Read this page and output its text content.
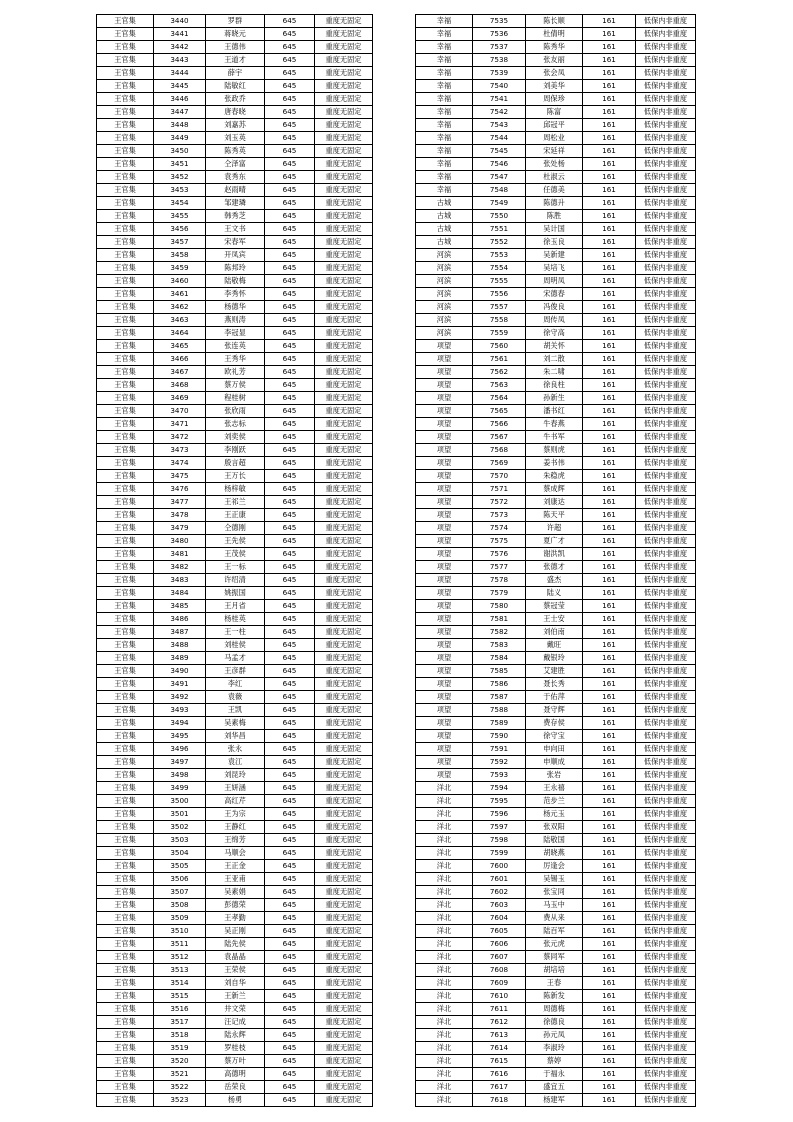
王官集	3440	罗群	645	重度无固定
王官集	3441	蒋晓元	645	重度无固定
王官集	3442	王德伟	645	重度无固定
王官集	3443	王道才	645	重度无固定
王官集	3444	薛宇	645	重度无固定
王官集	3445	陆敏红	645	重度无固定
王官集	3446	张政乔	645	重度无固定
王官集	3447	唐春晓	645	重度无固定
王官集	3448	刘嘉苏	645	重度无固定
王官集	3449	刘玉英	645	重度无固定
王官集	3450	陈秀英	645	重度无固定
王官集	3451	仝泽富	645	重度无固定
王官集	3452	袁秀东	645	重度无固定
王官集	3453	赵雨晴	645	重度无固定
王官集	3454	邹建璘	645	重度无固定
王官集	3455	韩秀芝	645	重度无固定
王官集	3456	王文书	645	重度无固定
王官集	3457	宋春军	645	重度无固定
王官集	3458	开凤宾	645	重度无固定
王官集	3459	陈邦玲	645	重度无固定
王官集	3460	陆敬梅	645	重度无固定
王官集	3461	李秀怀	645	重度无固定
王官集	3462	杨德华	645	重度无固定
王官集	3463	燕则涛	645	重度无固定
王官集	3464	李冠显	645	重度无固定
王官集	3465	张连英	645	重度无固定
王官集	3466	王秀华	645	重度无固定
王官集	3467	欧礼芳	645	重度无固定
王官集	3468	蔡万侯	645	重度无固定
王官集	3469	程桂树	645	重度无固定
王官集	3470	张欣雨	645	重度无固定
王官集	3471	张志标	645	重度无固定
王官集	3472	刘奕侯	645	重度无固定
王官集	3473	李刚跃	645	重度无固定
王官集	3474	殷言超	645	重度无固定
王官集	3475	王万长	645	重度无固定
王官集	3476	杨梓敏	645	重度无固定
王官集	3477	王祁兰	645	重度无固定
王官集	3478	王正康	645	重度无固定
王官集	3479	仝德刚	645	重度无固定
王官集	3480	王先侯	645	重度无固定
王官集	3481	王茂侯	645	重度无固定
王官集	3482	王一标	645	重度无固定
王官集	3483	许绍清	645	重度无固定
王官集	3484	姚振国	645	重度无固定
王官集	3485	王月省	645	重度无固定
王官集	3486	杨桂英	645	重度无固定
王官集	3487	王一柱	645	重度无固定
王官集	3488	刘桂侯	645	重度无固定
王官集	3489	马孟才	645	重度无固定
王官集	3490	王彦群	645	重度无固定
王官集	3491	李红	645	重度无固定
王官集	3492	袁薇	645	重度无固定
王官集	3493	王凯	645	重度无固定
王官集	3494	吴素梅	645	重度无固定
王官集	3495	刘华昌	645	重度无固定
王官集	3496	张永	645	重度无固定
王官集	3497	袁江	645	重度无固定
王官集	3498	刘昆玲	645	重度无固定
王官集	3499	王妍涵	645	重度无固定
王官集	3500	高红芹	645	重度无固定
王官集	3501	王为宗	645	重度无固定
王官集	3502	王静红	645	重度无固定
王官集	3503	王绵芳	645	重度无固定
王官集	3504	马顺会	645	重度无固定
王官集	3505	王正金	645	重度无固定
王官集	3506	王亚甫	645	重度无固定
王官集	3507	吴素娟	645	重度无固定
王官集	3508	彭德荣	645	重度无固定
王官集	3509	王孝勤	645	重度无固定
王官集	3510	吴正刚	645	重度无固定
王官集	3511	陆先侯	645	重度无固定
王官集	3512	袁晶晶	645	重度无固定
王官集	3513	王荣侯	645	重度无固定
王官集	3514	刘自华	645	重度无固定
王官集	3515	王新兰	645	重度无固定
王官集	3516	井文荣	645	重度无固定
王官集	3517	汪记成	645	重度无固定
王官集	3518	陆永辉	645	重度无固定
王官集	3519	罗桂枝	645	重度无固定
王官集	3520	蔡万叶	645	重度无固定
王官集	3521	高德明	645	重度无固定
王官集	3522	岳荣良	645	重度无固定
王官集	3523	杨勇	645	重度无固定
幸福	7535	陈长顺	161	低保内非重度
幸福	7536	杜倩明	161	低保内非重度
幸福	7537	陈秀华	161	低保内非重度
幸福	7538	张友丽	161	低保内非重度
幸福	7539	张会凤	161	低保内非重度
幸福	7540	刘美华	161	低保内非重度
幸福	7541	周保珍	161	低保内非重度
幸福	7542	陈富	161	低保内非重度
幸福	7543	邱冠平	161	低保内非重度
幸福	7544	周松业	161	低保内非重度
幸福	7545	宋延祥	161	低保内非重度
幸福	7546	张处杨	161	低保内非重度
幸福	7547	杜淑云	161	低保内非重度
幸福	7548	任德美	161	低保内非重度
古城	7549	陈德升	161	低保内非重度
古城	7550	陈胜	161	低保内非重度
古城	7551	吴计国	161	低保内非重度
古城	7552	徐玉良	161	低保内非重度
河滨	7553	吴新建	161	低保内非重度
河滨	7554	吴培飞	161	低保内非重度
河滨	7555	周明凤	161	低保内非重度
河滨	7556	宋德春	161	低保内非重度
河滨	7557	冯俊良	161	低保内非重度
河滨	7558	周传凤	161	低保内非重度
河滨	7559	徐守高	161	低保内非重度
项望	7560	胡关怀	161	低保内非重度
项望	7561	刘二散	161	低保内非重度
项望	7562	朱二啸	161	低保内非重度
项望	7563	徐良柱	161	低保内非重度
项望	7564	孙新生	161	低保内非重度
项望	7565	潘书红	161	低保内非重度
项望	7566	牛春燕	161	低保内非重度
项望	7567	牛书军	161	低保内非重度
项望	7568	蔡则虎	161	低保内非重度
项望	7569	姜书伟	161	低保内非重度
项望	7570	朱稳虎	161	低保内非重度
项望	7571	蔡成辉	161	低保内非重度
项望	7572	刘康达	161	低保内非重度
项望	7573	陈天平	161	低保内非重度
项望	7574	许超	161	低保内非重度
项望	7575	夏广才	161	低保内非重度
项望	7576	谢洪凯	161	低保内非重度
项望	7577	张德才	161	低保内非重度
项望	7578	盛杰	161	低保内非重度
项望	7579	陆义	161	低保内非重度
项望	7580	蔡冠莹	161	低保内非重度
项望	7581	王士安	161	低保内非重度
项望	7582	刘伯南	161	低保内非重度
项望	7583	戴旺	161	低保内非重度
项望	7584	戴银玲	161	低保内非重度
项望	7585	艾建胜	161	低保内非重度
项望	7586	聂长秀	161	低保内非重度
项望	7587	于佑萍	161	低保内非重度
项望	7588	聂守辉	161	低保内非重度
项望	7589	费存侯	161	低保内非重度
项望	7590	徐守宝	161	低保内非重度
项望	7591	申向田	161	低保内非重度
项望	7592	申顺成	161	低保内非重度
项望	7593	张岩	161	低保内非重度
洋北	7594	王永禧	161	低保内非重度
洋北	7595	范步兰	161	低保内非重度
洋北	7596	杨元玉	161	低保内非重度
洋北	7597	张双阳	161	低保内非重度
洋北	7598	陆敬国	161	低保内非重度
洋北	7599	胡晓燕	161	低保内非重度
洋北	7600	厉逢会	161	低保内非重度
洋北	7601	吴锡玉	161	低保内非重度
洋北	7602	张宝同	161	低保内非重度
洋北	7603	马玉中	161	低保内非重度
洋北	7604	费从来	161	低保内非重度
洋北	7605	陆百军	161	低保内非重度
洋北	7606	张元虎	161	低保内非重度
洋北	7607	蔡同军	161	低保内非重度
洋北	7608	胡培培	161	低保内非重度
洋北	7609	王春	161	低保内非重度
洋北	7610	陈新发	161	低保内非重度
洋北	7611	周德梅	161	低保内非重度
洋北	7612	徐德良	161	低保内非重度
洋北	7613	孙元凤	161	低保内非重度
洋北	7614	李淑玲	161	低保内非重度
洋北	7615	蔡婷	161	低保内非重度
洋北	7616	于福永	161	低保内非重度
洋北	7617	盛宜五	161	低保内非重度
洋北	7618	杨建军	161	低保内非重度
